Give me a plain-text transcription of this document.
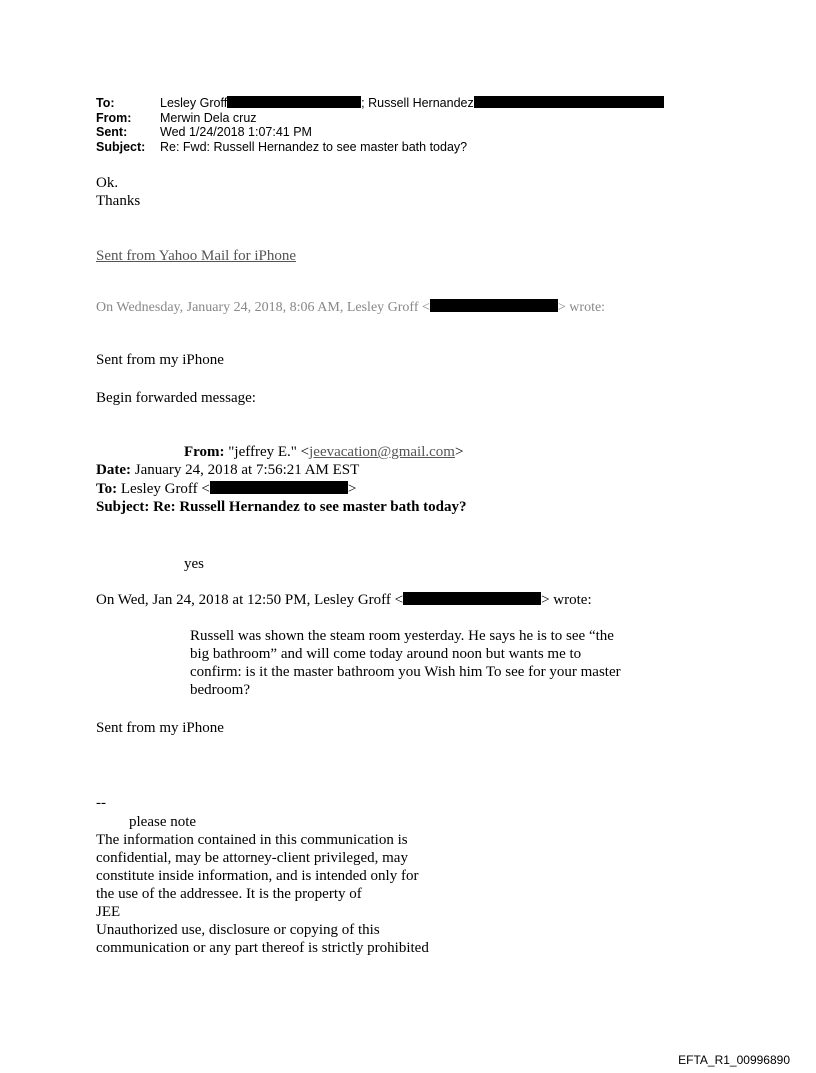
To:	Lesley Groff	; Russell Hernandez
From:	Merwin Dela cruz
Sent:	Wed 1/24/2018 1:07:41 PM
Subject:	Re: Fwd: Russell Hernandez to see master bath today?
Ok.
Thanks
Sent from Yahoo Mail for iPhone
On Wednesday, January 24, 2018, 8:06 AM, Lesley Groff <	> wrote:
Sent from my iPhone
Begin forwarded message:
From: "jeffrey E." <jeevacation@gmail.com>
Date: January 24, 2018 at 7:56:21 AM EST
To: Lesley Groff <	>
Subject: Re: Russell Hernandez to see master bath today?
yes
On Wed, Jan 24, 2018 at 12:50 PM, Lesley Groff <	> wrote:
Russell was shown the steam room yesterday. He says he is to see “the big bathroom” and will come today around noon but wants me to confirm: is it the master bathroom you Wish him To see for your master bedroom?
Sent from my iPhone
--
please note
The information contained in this communication is
confidential, may be attorney-client privileged, may
constitute inside information, and is intended only for
the use of the addressee. It is the property of
JEE
Unauthorized use, disclosure or copying of this
communication or any part thereof is strictly prohibited
EFTA_R1_00996890
